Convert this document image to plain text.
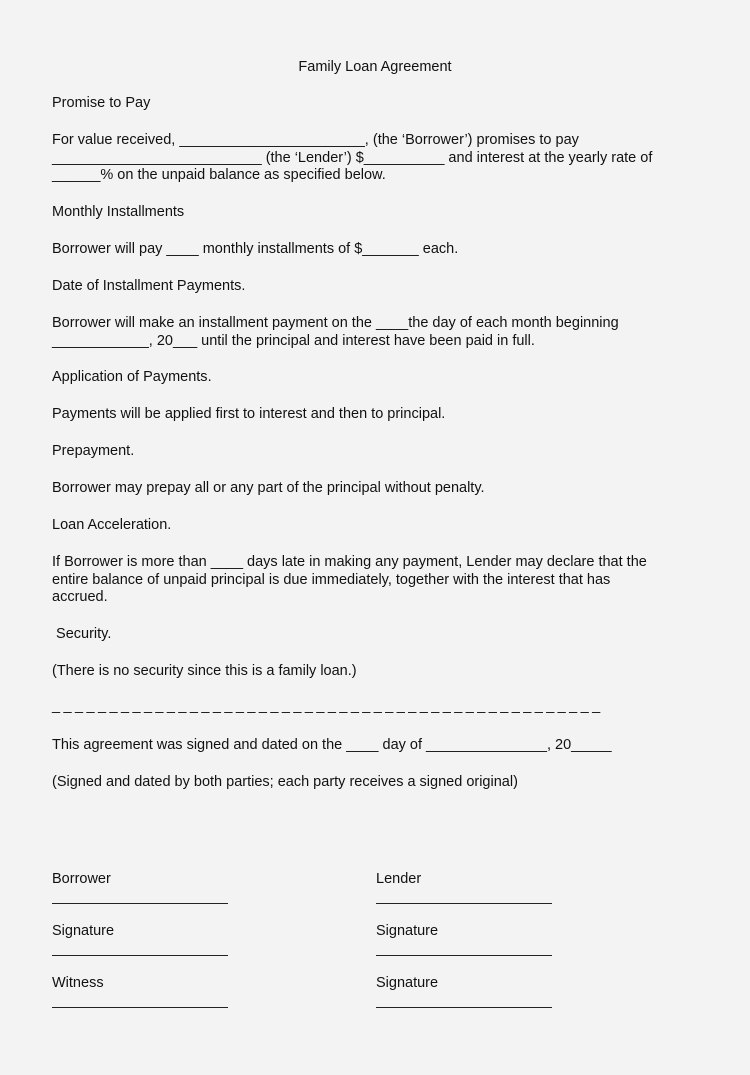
Family Loan Agreement
Promise to Pay
For value received, _______________________, (the ‘Borrower’) promises to pay
__________________________ (the ‘Lender’) $__________ and interest at the yearly rate of
______% on the unpaid balance as specified below.
Monthly Installments
Borrower will pay ____ monthly installments of $_______ each.
Date of Installment Payments.
Borrower will make an installment payment on the ____the day of each month beginning
____________, 20___ until the principal and interest have been paid in full.
Application of Payments.
Payments will be applied first to interest and then to principal.
Prepayment.
Borrower may prepay all or any part of the principal without penalty.
Loan Acceleration.
If Borrower is more than ____ days late in making any payment, Lender may declare that the
entire balance of unpaid principal is due immediately, together with the interest that has
accrued.
Security.
(There is no security since this is a family loan.)
_ _ _ _ _ _ _ _ _ _ _ _ _ _ _ _ _ _ _ _ _ _ _ _ _ _ _ _ _ _ _ _ _ _ _ _ _ _ _ _ _ _ _ _ _ _ _ _
This agreement was signed and dated on the ____ day of _______________, 20_____
(Signed and dated by both parties; each party receives a signed original)
Borrower
Signature
Witness
Lender
Signature
Signature
